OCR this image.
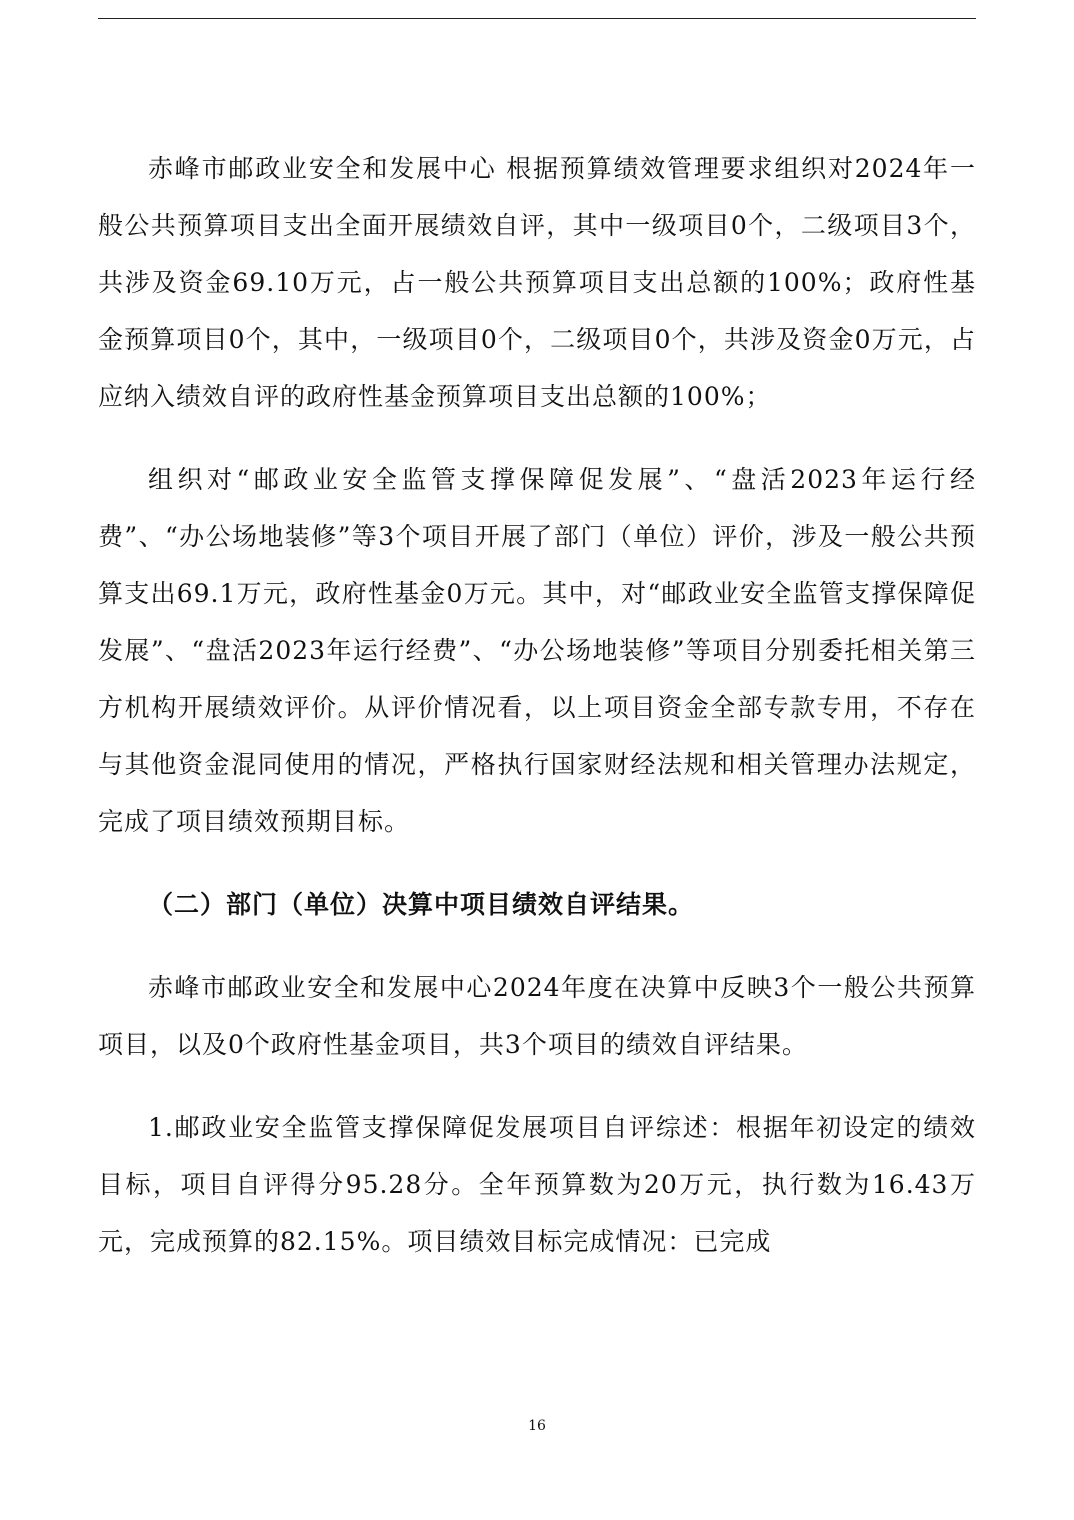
赤峰市邮政业安全和发展中心 根据预算绩效管理要求组织对2024年一般公共预算项目支出全面开展绩效自评，其中一级项目0个，二级项目3个，共涉及资金69.10万元，占一般公共预算项目支出总额的100%；政府性基金预算项目0个，其中，一级项目0个，二级项目0个，共涉及资金0万元，占应纳入绩效自评的政府性基金预算项目支出总额的100%；

组织对“邮政业安全监管支撑保障促发展”、“盘活2023年运行经费”、“办公场地装修”等3个项目开展了部门（单位）评价，涉及一般公共预算支出69.1万元，政府性基金0万元。其中，对“邮政业安全监管支撑保障促发展”、“盘活2023年运行经费”、“办公场地装修”等项目分别委托相关第三方机构开展绩效评价。从评价情况看，以上项目资金全部专款专用，不存在与其他资金混同使用的情况，严格执行国家财经法规和相关管理办法规定，完成了项目绩效预期目标。

（二）部门（单位）决算中项目绩效自评结果。

赤峰市邮政业安全和发展中心2024年度在决算中反映3个一般公共预算项目，以及0个政府性基金项目，共3个项目的绩效自评结果。

1.邮政业安全监管支撑保障促发展项目自评综述：根据年初设定的绩效目标，项目自评得分95.28分。全年预算数为20万元，执行数为16.43万元，完成预算的82.15%。项目绩效目标完成情况：已完成

16
